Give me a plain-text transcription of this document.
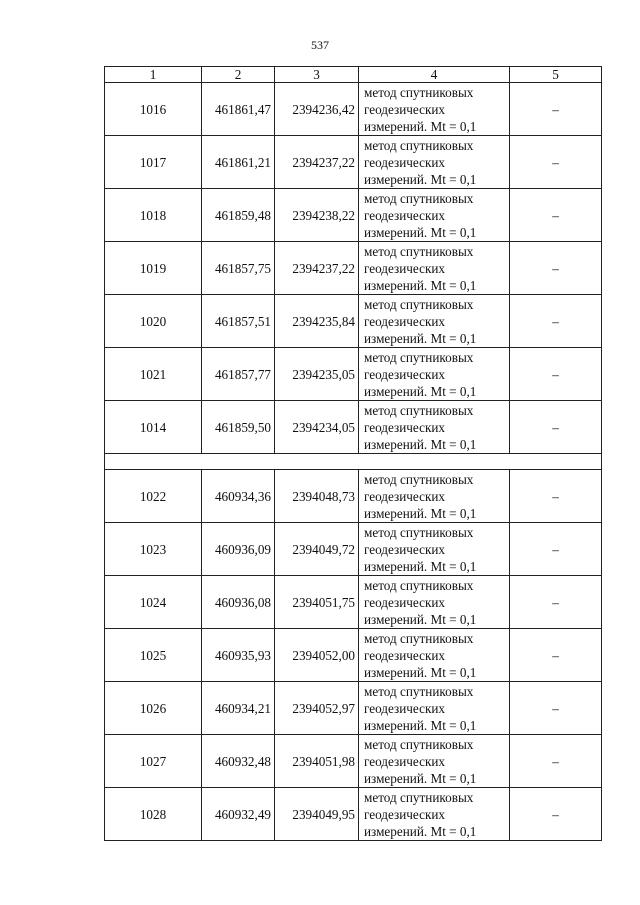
537
1	2	3	4	5
1016	461861,47	2394236,42	метод спутниковых
геодезических
измерений. Mt = 0,1	–
1017	461861,21	2394237,22	метод спутниковых
геодезических
измерений. Mt = 0,1	–
1018	461859,48	2394238,22	метод спутниковых
геодезических
измерений. Mt = 0,1	–
1019	461857,75	2394237,22	метод спутниковых
геодезических
измерений. Mt = 0,1	–
1020	461857,51	2394235,84	метод спутниковых
геодезических
измерений. Mt = 0,1	–
1021	461857,77	2394235,05	метод спутниковых
геодезических
измерений. Mt = 0,1	–
1014	461859,50	2394234,05	метод спутниковых
геодезических
измерений. Mt = 0,1	–

1022	460934,36	2394048,73	метод спутниковых
геодезических
измерений. Mt = 0,1	–
1023	460936,09	2394049,72	метод спутниковых
геодезических
измерений. Mt = 0,1	–
1024	460936,08	2394051,75	метод спутниковых
геодезических
измерений. Mt = 0,1	–
1025	460935,93	2394052,00	метод спутниковых
геодезических
измерений. Mt = 0,1	–
1026	460934,21	2394052,97	метод спутниковых
геодезических
измерений. Mt = 0,1	–
1027	460932,48	2394051,98	метод спутниковых
геодезических
измерений. Mt = 0,1	–
1028	460932,49	2394049,95	метод спутниковых
геодезических
измерений. Mt = 0,1	–
